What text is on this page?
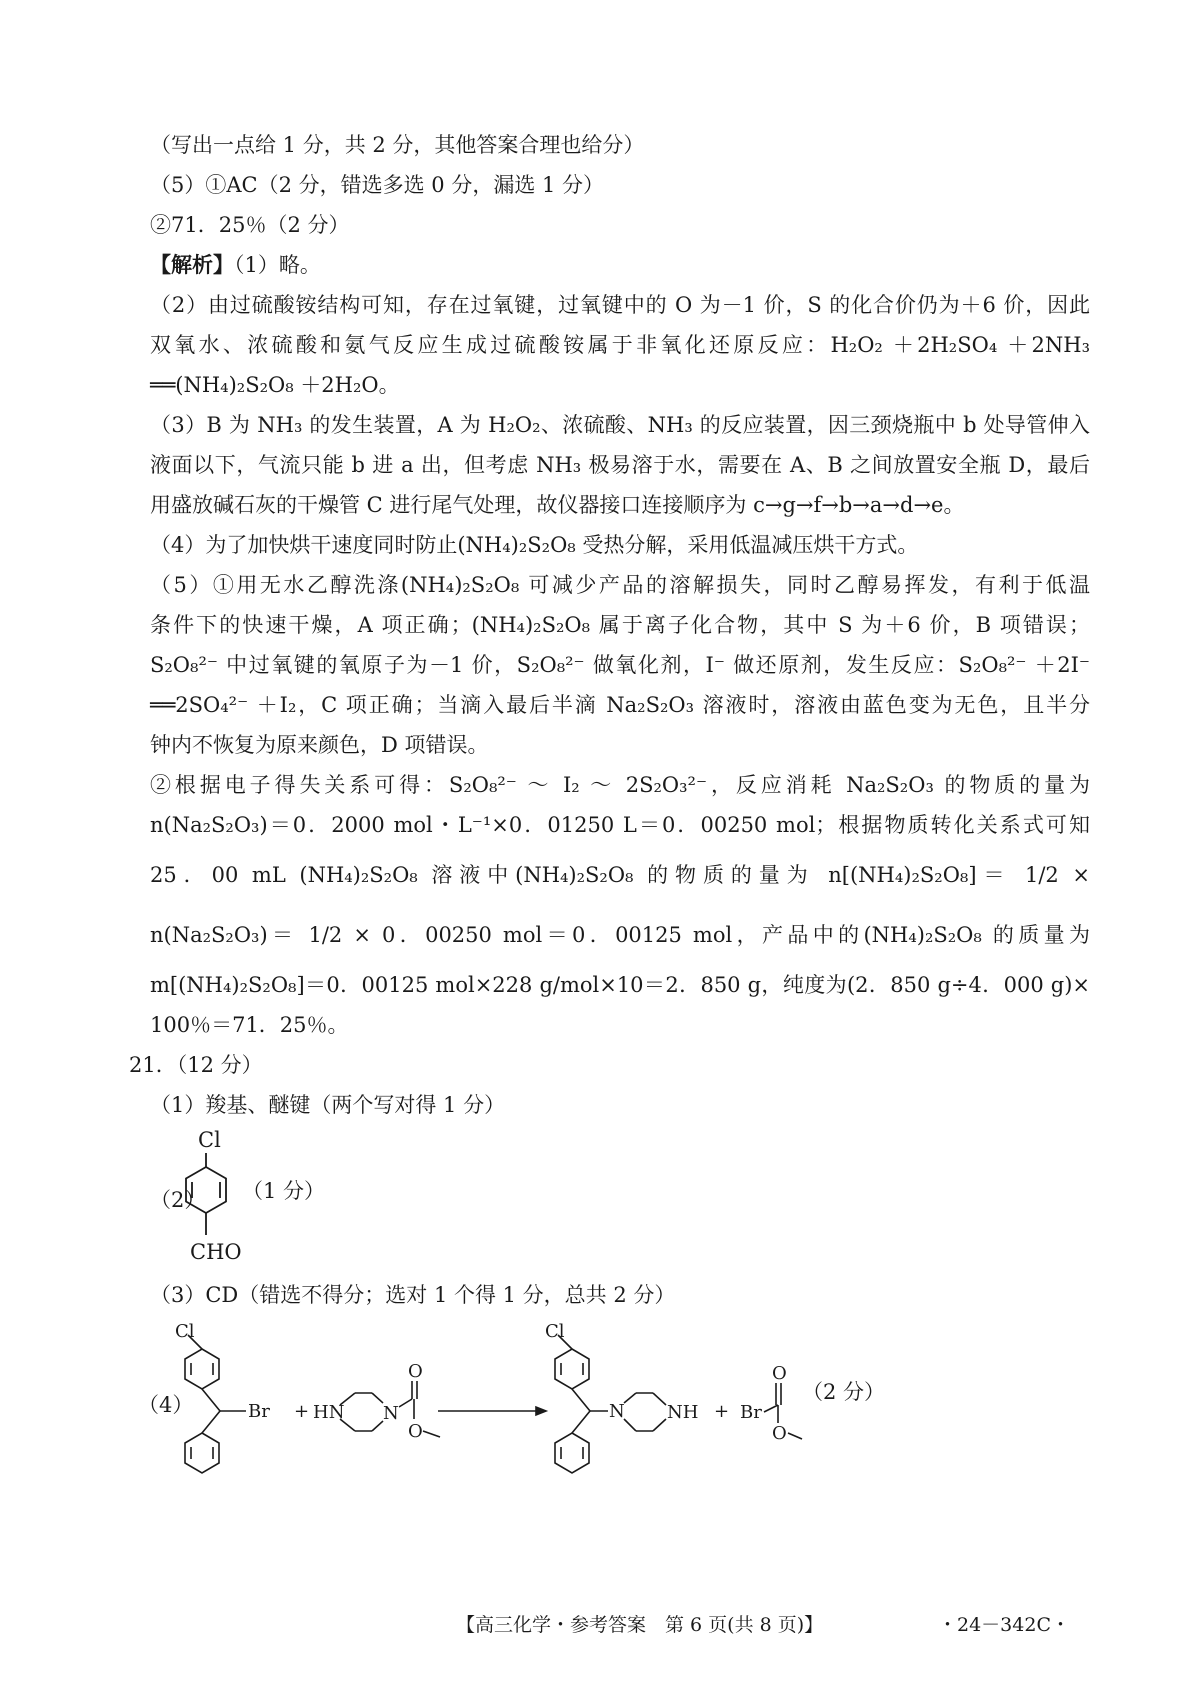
（写出一点给 1 分，共 2 分，其他答案合理也给分）

（5）①AC（2 分，错选多选 0 分，漏选 1 分）

②71．25％（2 分）

【解析】（1）略。

（2）由过硫酸铵结构可知，存在过氧键，过氧键中的 O 为－1 价，S 的化合价仍为＋6 价，因此

双氧水、浓硫酸和氨气反应生成过硫酸铵属于非氧化还原反应：H₂O₂ ＋2H₂SO₄ ＋2NH₃

══(NH₄)₂S₂O₈ ＋2H₂O。

（3）B 为 NH₃ 的发生装置，A 为 H₂O₂、浓硫酸、NH₃ 的反应装置，因三颈烧瓶中 b 处导管伸入

液面以下，气流只能 b 进 a 出，但考虑 NH₃ 极易溶于水，需要在 A、B 之间放置安全瓶 D，最后

用盛放碱石灰的干燥管 C 进行尾气处理，故仪器接口连接顺序为 c→g→f→b→a→d→e。

（4）为了加快烘干速度同时防止(NH₄)₂S₂O₈ 受热分解，采用低温减压烘干方式。

（5）①用无水乙醇洗涤(NH₄)₂S₂O₈ 可减少产品的溶解损失，同时乙醇易挥发，有利于低温

条件下的快速干燥，A 项正确；(NH₄)₂S₂O₈ 属于离子化合物，其中 S 为＋6 价，B 项错误；

S₂O₈²⁻ 中过氧键的氧原子为－1 价，S₂O₈²⁻ 做氧化剂，I⁻ 做还原剂，发生反应：S₂O₈²⁻ ＋2I⁻

══2SO₄²⁻ ＋I₂，C 项正确；当滴入最后半滴 Na₂S₂O₃ 溶液时，溶液由蓝色变为无色，且半分

钟内不恢复为原来颜色，D 项错误。

②根据电子得失关系可得：S₂O₈²⁻ ～ I₂ ～ 2S₂O₃²⁻，反应消耗 Na₂S₂O₃ 的物质的量为

n(Na₂S₂O₃)＝0．2000 mol・L⁻¹×0．01250 L＝0．00250 mol；根据物质转化关系式可知

25．00 mL (NH₄)₂S₂O₈ 溶液中(NH₄)₂S₂O₈ 的物质的量为 n[(NH₄)₂S₂O₈]＝ 1/2 ×

n(Na₂S₂O₃)＝ 1/2 × 0．00250 mol＝0．00125 mol，产品中的(NH₄)₂S₂O₈ 的质量为

m[(NH₄)₂S₂O₈]＝0．00125 mol×228 g/mol×10＝2．850 g，纯度为(2．850 g÷4．000 g)×

100％＝71．25％。

21．（12 分）

（1）羧基、醚键（两个写对得 1 分）

（2）
Cl
CHO
（1 分）

（3）CD（错选不得分；选对 1 个得 1 分，总共 2 分）

（4）
Cl
Br + HN N
O
O
Cl
N NH + Br
O
O
（2 分）
【高三化学・参考答案　第 6 页(共 8 页)】	・24－342C・
